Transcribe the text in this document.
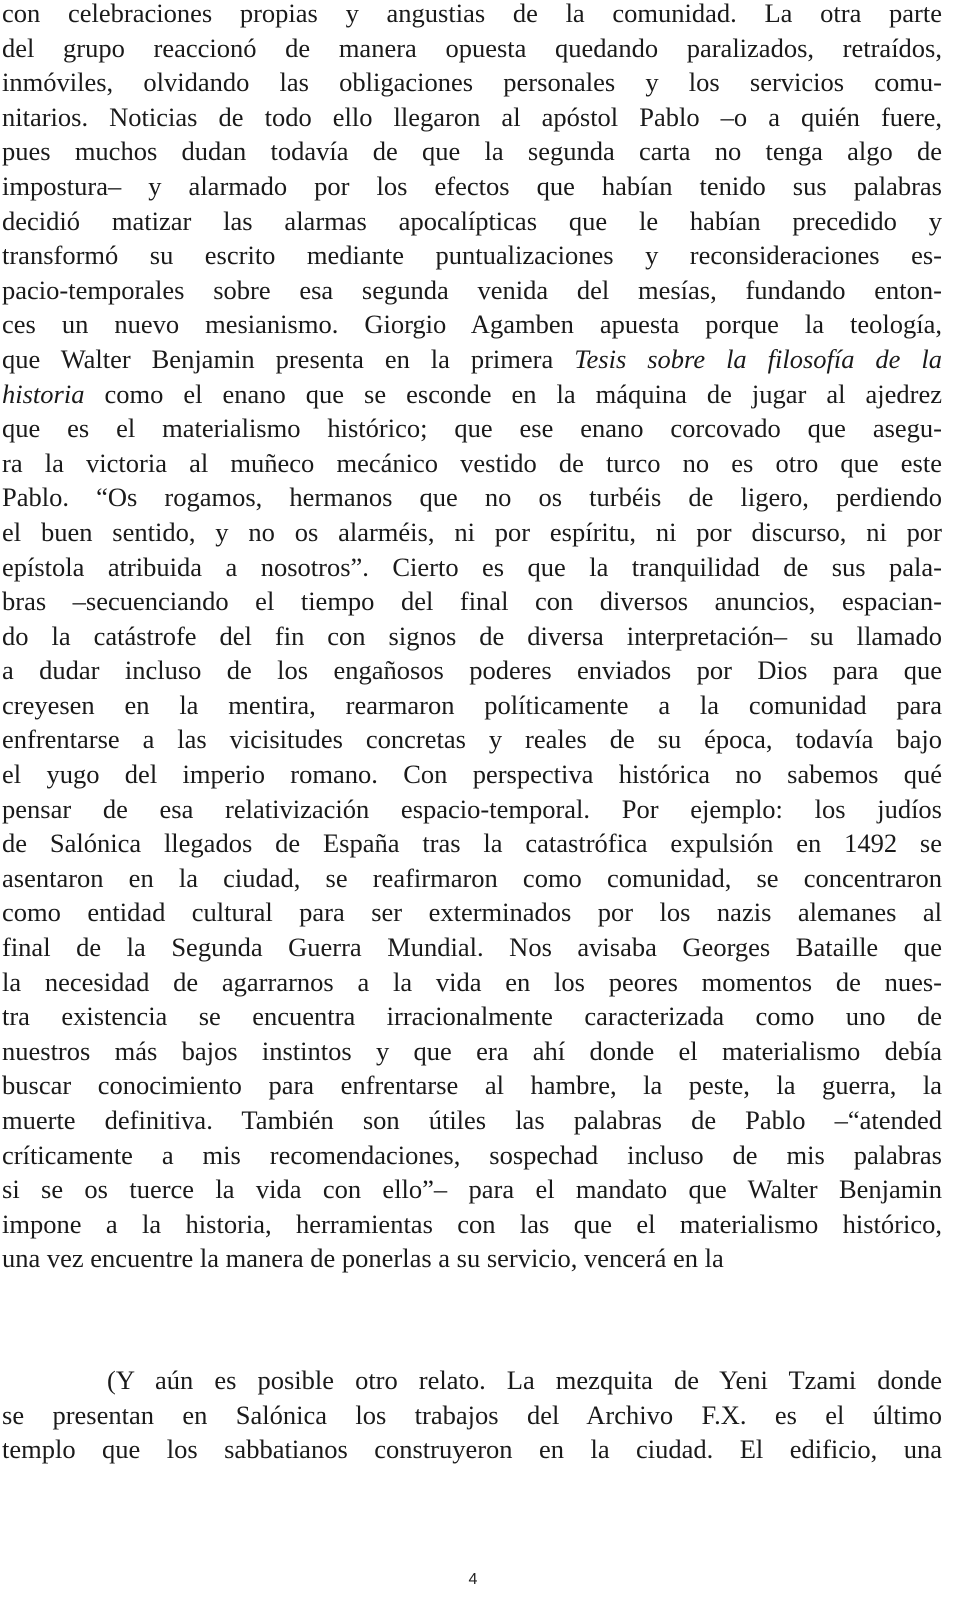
con celebraciones propias y angustias de la comunidad. La otra parte
del grupo reaccionó de manera opuesta quedando paralizados, retraídos,
inmóviles, olvidando las obligaciones personales y los servicios comu-
nitarios. Noticias de todo ello llegaron al apóstol Pablo –o a quién fuere,
pues muchos dudan todavía de que la segunda carta no tenga algo de
impostura– y alarmado por los efectos que habían tenido sus palabras
decidió matizar las alarmas apocalípticas que le habían precedido y
transformó su escrito mediante puntualizaciones y reconsideraciones es-
pacio-temporales sobre esa segunda venida del mesías, fundando enton-
ces un nuevo mesianismo. Giorgio Agamben apuesta porque la teología,
que Walter Benjamin presenta en la primera Tesis sobre la filosofía de la
historia como el enano que se esconde en la máquina de jugar al ajedrez
que es el materialismo histórico; que ese enano corcovado que asegu-
ra la victoria al muñeco mecánico vestido de turco no es otro que este
Pablo. “Os rogamos, hermanos que no os turbéis de ligero, perdiendo
el buen sentido, y no os alarméis, ni por espíritu, ni por discurso, ni por
epístola atribuida a nosotros”. Cierto es que la tranquilidad de sus pala-
bras –secuenciando el tiempo del final con diversos anuncios, espacian-
do la catástrofe del fin con signos de diversa interpretación– su llamado
a dudar incluso de los engañosos poderes enviados por Dios para que
creyesen en la mentira, rearmaron políticamente a la comunidad para
enfrentarse a las vicisitudes concretas y reales de su época, todavía bajo
el yugo del imperio romano. Con perspectiva histórica no sabemos qué
pensar de esa relativización espacio-temporal. Por ejemplo: los judíos
de Salónica llegados de España tras la catastrófica expulsión en 1492 se
asentaron en la ciudad, se reafirmaron como comunidad, se concentraron
como entidad cultural para ser exterminados por los nazis alemanes al
final de la Segunda Guerra Mundial. Nos avisaba Georges Bataille que
la necesidad de agarrarnos a la vida en los peores momentos de nues-
tra existencia se encuentra irracionalmente caracterizada como uno de
nuestros más bajos instintos y que era ahí donde el materialismo debía
buscar conocimiento para enfrentarse al hambre, la peste, la guerra, la
muerte definitiva. También son útiles las palabras de Pablo –“atended
críticamente a mis recomendaciones, sospechad incluso de mis palabras
si se os tuerce la vida con ello”– para el mandato que Walter Benjamin
impone a la historia, herramientas con las que el materialismo histórico,
una vez encuentre la manera de ponerlas a su servicio, vencerá en la
(Y aún es posible otro relato. La mezquita de Yeni Tzami donde
se presentan en Salónica los trabajos del Archivo F.X. es el último
templo que los sabbatianos construyeron en la ciudad. El edificio, una
4
